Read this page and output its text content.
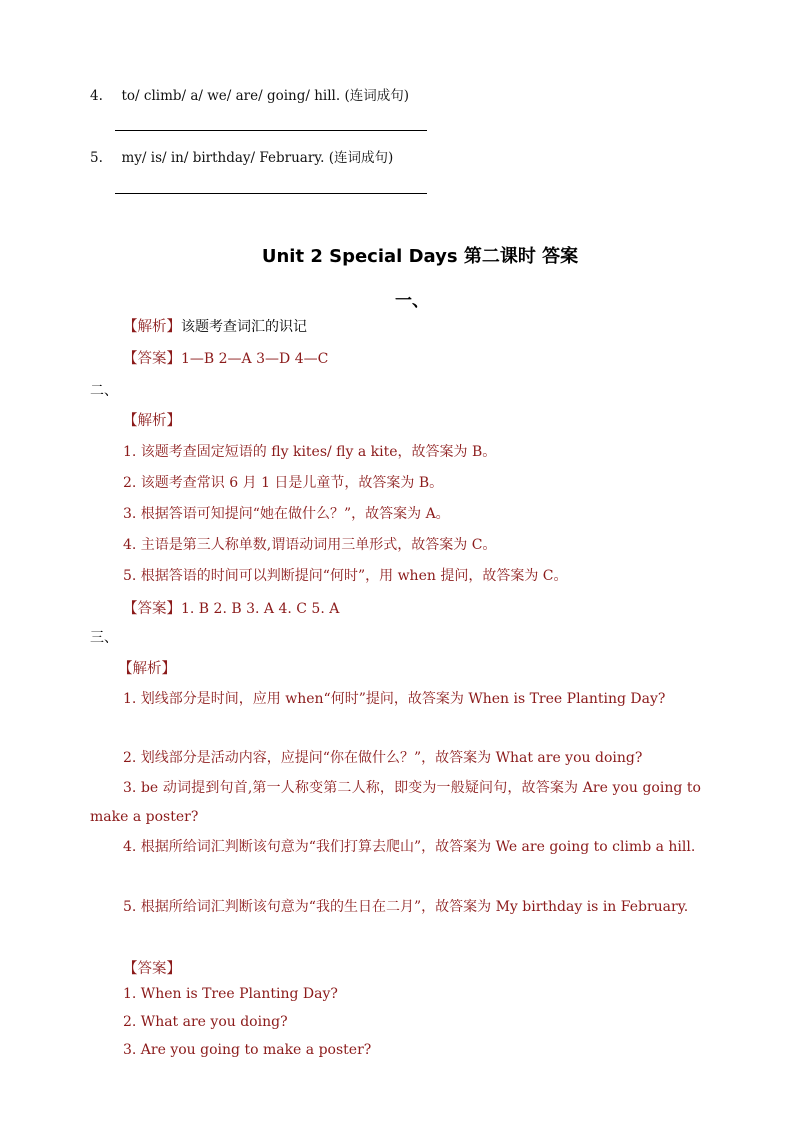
4. to/ climb/ a/ we/ are/ going/ hill. (连词成句)
5. my/ is/ in/ birthday/ February. (连词成句)
Unit 2 Special Days 第二课时 答案
一、
【解析】该题考查词汇的识记
【答案】1—B 2—A 3—D 4—C
二、
【解析】
1. 该题考查固定短语的 fly kites/ fly a kite，故答案为 B。
2. 该题考查常识 6 月 1 日是儿童节，故答案为 B。
3. 根据答语可知提问“她在做什么？”，故答案为 A。
4. 主语是第三人称单数,谓语动词用三单形式，故答案为 C。
5. 根据答语的时间可以判断提问“何时”，用 when 提问，故答案为 C。
【答案】1. B 2. B 3. A 4. C 5. A
三、
【解析】
1. 划线部分是时间，应用 when“何时”提问，故答案为 When is Tree Planting Day?
2. 划线部分是活动内容，应提问“你在做什么？”，故答案为 What are you doing?
3. be 动词提到句首,第一人称变第二人称，即变为一般疑问句，故答案为 Are you going to make a poster?
4. 根据所给词汇判断该句意为“我们打算去爬山”，故答案为 We are going to climb a hill.
5. 根据所给词汇判断该句意为“我的生日在二月”，故答案为 My birthday is in February.
【答案】
1. When is Tree Planting Day?
2. What are you doing?
3. Are you going to make a poster?
